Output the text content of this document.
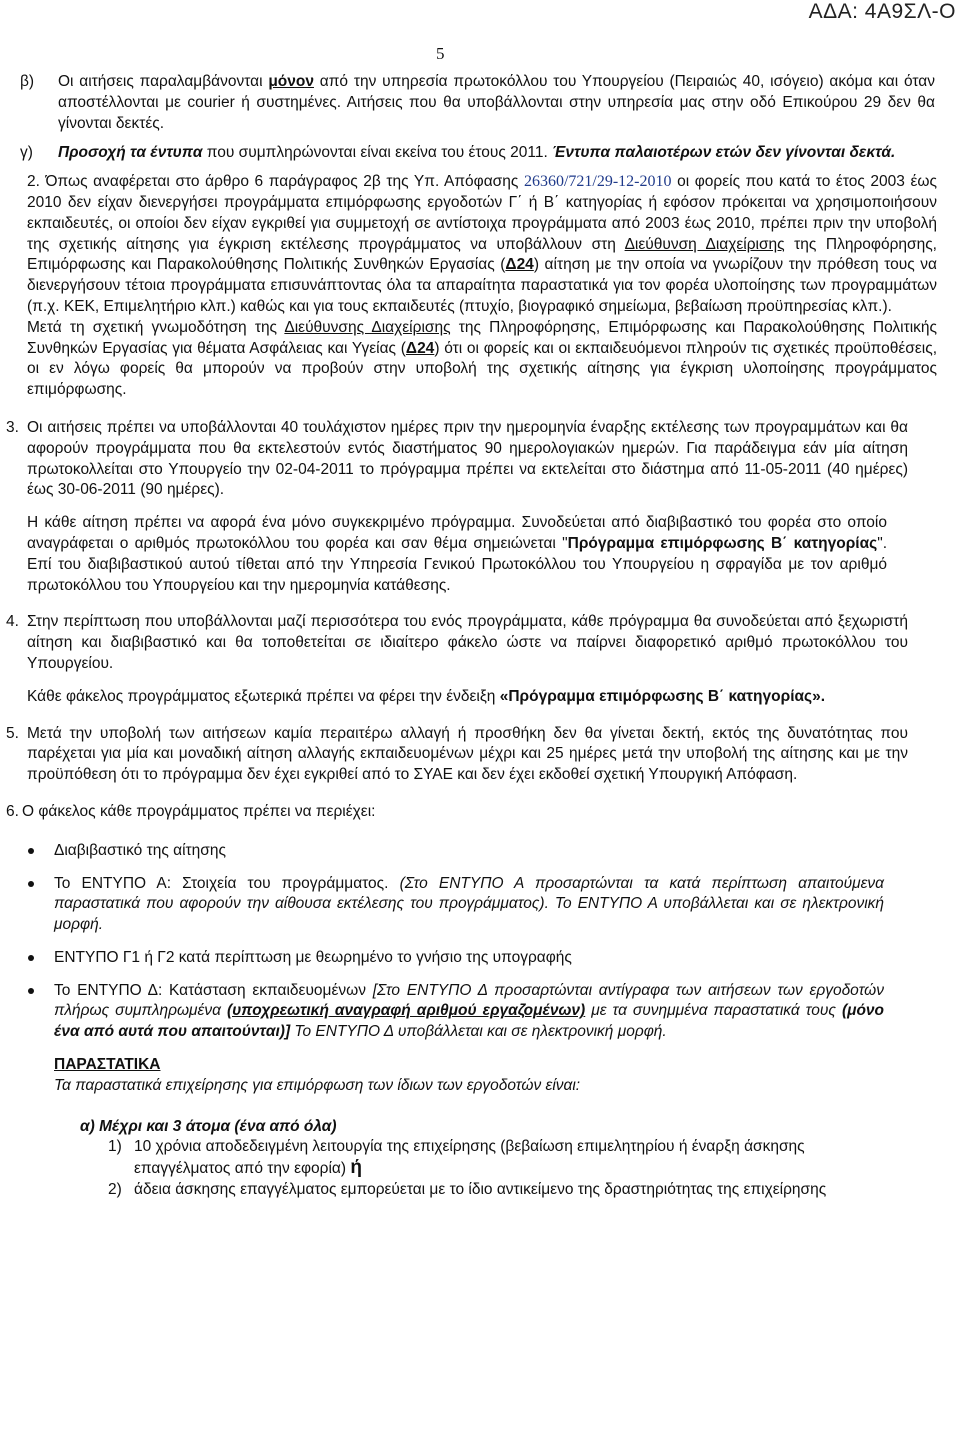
ΑΔΑ: 4Α9ΣΛ-Ο
5
β) Οι αιτήσεις παραλαμβάνονται μόνον από την υπηρεσία πρωτοκόλλου του Υπουργείου (Πειραιώς 40, ισόγειο) ακόμα και όταν αποστέλλονται με courier ή συστημένες. Αιτήσεις που θα υποβάλλονται στην υπηρεσία μας στην οδό Επικούρου 29 δεν θα γίνονται δεκτές.
γ) Προσοχή τα έντυπα που συμπληρώνονται είναι εκείνα του έτους 2011. Έντυπα παλαιοτέρων ετών δεν γίνονται δεκτά.
2. Όπως αναφέρεται στο άρθρο 6 παράγραφος 2β της Υπ. Απόφασης 26360/721/29-12-2010 οι φορείς που κατά το έτος 2003 έως 2010 δεν είχαν διενεργήσει προγράμματα επιμόρφωσης εργοδοτών Γ΄ ή Β΄ κατηγορίας ή εφόσον πρόκειται να χρησιμοποιήσουν εκπαιδευτές, οι οποίοι δεν είχαν εγκριθεί για συμμετοχή σε αντίστοιχα προγράμματα από 2003 έως 2010, πρέπει πριν την υποβολή της σχετικής αίτησης για έγκριση εκτέλεσης προγράμματος να υποβάλλουν στη Διεύθυνση Διαχείρισης της Πληροφόρησης, Επιμόρφωσης και Παρακολούθησης Πολιτικής Συνθηκών Εργασίας (Δ24) αίτηση με την οποία να γνωρίζουν την πρόθεση τους να διενεργήσουν τέτοια προγράμματα επισυνάπτοντας όλα τα απαραίτητα παραστατικά για τον φορέα υλοποίησης των προγραμμάτων (π.χ. ΚΕΚ, Επιμελητήριο κλπ.) καθώς και για τους εκπαιδευτές (πτυχίο, βιογραφικό σημείωμα, βεβαίωση προϋπηρεσίας κλπ.).
Μετά τη σχετική γνωμοδότηση της Διεύθυνσης Διαχείρισης της Πληροφόρησης, Επιμόρφωσης και Παρακολούθησης Πολιτικής Συνθηκών Εργασίας για θέματα Ασφάλειας και Υγείας (Δ24) ότι οι φορείς και οι εκπαιδευόμενοι πληρούν τις σχετικές προϋποθέσεις, οι εν λόγω φορείς θα μπορούν να προβούν στην υποβολή της σχετικής αίτησης για έγκριση υλοποίησης προγράμματος επιμόρφωσης.
3. Οι αιτήσεις πρέπει να υποβάλλονται 40 τουλάχιστον ημέρες πριν την ημερομηνία έναρξης εκτέλεσης των προγραμμάτων και θα αφορούν προγράμματα που θα εκτελεστούν εντός διαστήματος 90 ημερολογιακών ημερών. Για παράδειγμα εάν μία αίτηση πρωτοκολλείται στο Υπουργείο την 02-04-2011 το πρόγραμμα πρέπει να εκτελείται στο διάστημα από 11-05-2011 (40 ημέρες) έως 30-06-2011 (90 ημέρες).
Η κάθε αίτηση πρέπει να αφορά ένα μόνο συγκεκριμένο πρόγραμμα. Συνοδεύεται από διαβιβαστικό του φορέα στο οποίο αναγράφεται ο αριθμός πρωτοκόλλου του φορέα και σαν θέμα σημειώνεται "Πρόγραμμα επιμόρφωσης Β΄ κατηγορίας". Επί του διαβιβαστικού αυτού τίθεται από την Υπηρεσία Γενικού Πρωτοκόλλου του Υπουργείου η σφραγίδα με τον αριθμό πρωτοκόλλου του Υπουργείου και την ημερομηνία κατάθεσης.
4. Στην περίπτωση που υποβάλλονται μαζί περισσότερα του ενός προγράμματα, κάθε πρόγραμμα θα συνοδεύεται από ξεχωριστή αίτηση και διαβιβαστικό και θα τοποθετείται σε ιδιαίτερο φάκελο ώστε να παίρνει διαφορετικό αριθμό πρωτοκόλλου του Υπουργείου.
Κάθε φάκελος προγράμματος εξωτερικά πρέπει να φέρει την ένδειξη «Πρόγραμμα επιμόρφωσης Β΄ κατηγορίας».
5. Μετά την υποβολή των αιτήσεων καμία περαιτέρω αλλαγή ή προσθήκη δεν θα γίνεται δεκτή, εκτός της δυνατότητας που παρέχεται για μία και μοναδική αίτηση αλλαγής εκπαιδευομένων μέχρι και 25 ημέρες μετά την υποβολή της αίτησης και με την προϋπόθεση ότι το πρόγραμμα δεν έχει εγκριθεί από το ΣΥΑΕ και δεν έχει εκδοθεί σχετική Υπουργική Απόφαση.
6. Ο φάκελος κάθε προγράμματος πρέπει να περιέχει:
Διαβιβαστικό της αίτησης
Το ΕΝΤΥΠΟ Α: Στοιχεία του προγράμματος. (Στο ΕΝΤΥΠΟ Α προσαρτώνται τα κατά περίπτωση απαιτούμενα παραστατικά που αφορούν την αίθουσα εκτέλεσης του προγράμματος). Το ΕΝΤΥΠΟ Α υποβάλλεται και σε ηλεκτρονική μορφή.
ΕΝΤΥΠΟ Γ1 ή Γ2 κατά περίπτωση με θεωρημένο το γνήσιο της υπογραφής
Το ΕΝΤΥΠΟ Δ: Κατάσταση εκπαιδευομένων [Στο ΕΝΤΥΠΟ Δ προσαρτώνται αντίγραφα των αιτήσεων των εργοδοτών πλήρως συμπληρωμένα (υποχρεωτική αναγραφή αριθμού εργαζομένων) με τα συνημμένα παραστατικά τους (μόνο ένα από αυτά που απαιτούνται)] Το ΕΝΤΥΠΟ Δ υποβάλλεται και σε ηλεκτρονική μορφή.
ΠΑΡΑΣΤΑΤΙΚΑ
Τα παραστατικά επιχείρησης για επιμόρφωση των ίδιων των εργοδοτών είναι:
α) Μέχρι και 3 άτομα (ένα από όλα)
1) 10 χρόνια αποδεδειγμένη λειτουργία της επιχείρησης (βεβαίωση επιμελητηρίου ή έναρξη άσκησης επαγγέλματος από την εφορία) ή
2) άδεια άσκησης επαγγέλματος εμπορεύεται με το ίδιο αντικείμενο της δραστηριότητας της επιχείρησης
